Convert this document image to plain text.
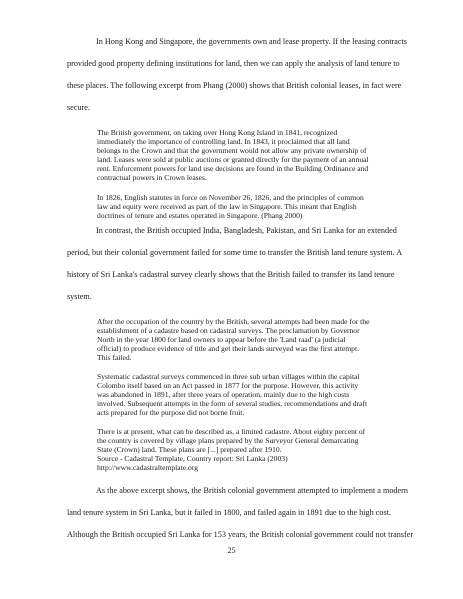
In Hong Kong and Singapore, the governments own and lease property. If the leasing contracts
provided good property defining institutions for land, then we can apply the analysis of land tenure to
these places. The following excerpt from Phang (2000) shows that British colonial leases, in fact were
secure.
The British government, on taking over Hong Kong Island in 1841, recognized
immediately the importance of controlling land. In 1843, it proclaimed that all land
belongs to the Crown and that the government would not allow any private ownership of
land. Leases were sold at public auctions or granted directly for the payment of an annual
rent. Enforcement powers for land use decisions are found in the Building Ordinance and
contractual powers in Crown leases.
In 1826, English statutes in force on November 26, 1826, and the principles of common
law and equity were received as part of the law in Singapore. This meant that English
doctrines of tenure and estates operated in Singapore. (Phang 2000)
In contrast, the British occupied India, Bangladesh, Pakistan, and Sri Lanka for an extended
period, but their colonial government failed for some time to transfer the British land tenure system. A
history of Sri Lanka's cadastral survey clearly shows that the British failed to transfer its land tenure
system.
After the occupation of the country by the British, several attempts had been made for the
establishment of a cadastre based on cadastral surveys. The proclamation by Governor
North in the year 1800 for land owners to appear before the 'Land raad' (a judicial
official) to produce evidence of title and get their lands surveyed was the first attempt.
This failed.
Systematic cadastral surveys commenced in three sub urban villages within the capital
Colombo itself based on an Act passed in 1877 for the purpose. However, this activity
was abandoned in 1891, after three years of operation, mainly due to the high costs
involved. Subsequent attempts in the form of several studies, recommendations and draft
acts prepared for the purpose did not borne fruit.
There is at present, what can be described as, a limited cadastre. About eighty percent of
the country is covered by village plans prepared by the Surveyor General demarcating
State (Crown) land. These plans are [...] prepared after 1910.
Source - Cadastral Template, Country report: Sri Lanka (2003)
http://www.cadastraltemplate.org
As the above excerpt shows, the British colonial government attempted to implement a modern
land tenure system in Sri Lanka, but it failed in 1800, and failed again in 1891 due to the high cost.
Although the British occupied Sri Lanka for 153 years, the British colonial government could not transfer
25
